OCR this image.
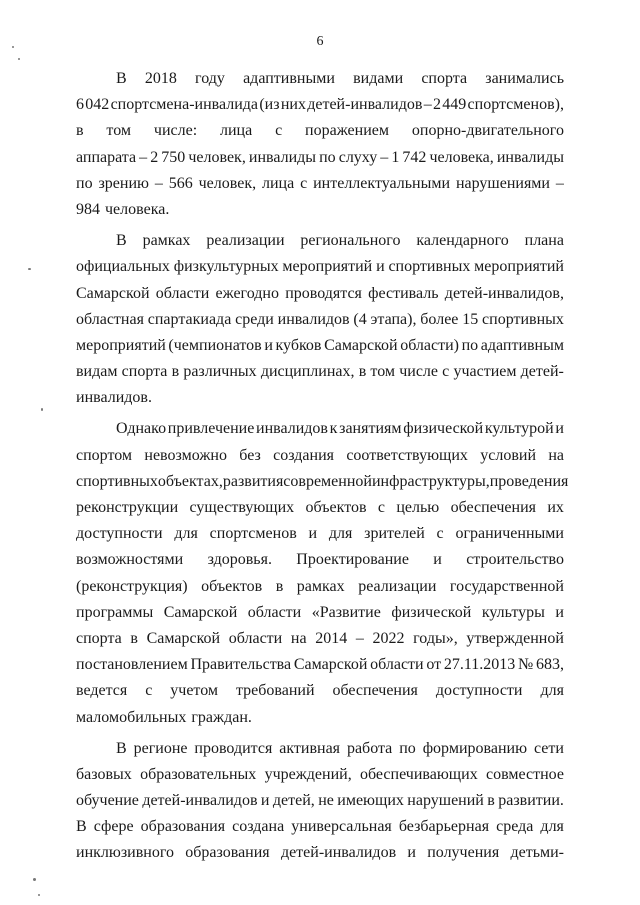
6
В 2018 году адаптивными видами спорта занимались
6 042 спортсмена-инвалида (из них детей-инвалидов – 2 449 спортсменов),
в том числе: лица с поражением опорно-двигательного
аппарата – 2 750 человек, инвалиды по слуху – 1 742 человека, инвалиды
по зрению – 566 человек, лица с интеллектуальными нарушениями –
984 человека.
В рамках реализации регионального календарного плана
официальных физкультурных мероприятий и спортивных мероприятий
Самарской области ежегодно проводятся фестиваль детей-инвалидов,
областная спартакиада среди инвалидов (4 этапа), более 15 спортивных
мероприятий (чемпионатов и кубков Самарской области) по адаптивным
видам спорта в различных дисциплинах, в том числе с участием детей-
инвалидов.
Однако привлечение инвалидов к занятиям физической культурой и
спортом невозможно без создания соответствующих условий на
спортивных объектах, развития современной инфраструктуры, проведения
реконструкции существующих объектов с целью обеспечения их
доступности для спортсменов и для зрителей с ограниченными
возможностями здоровья. Проектирование и строительство
(реконструкция) объектов в рамках реализации государственной
программы Самарской области «Развитие физической культуры и
спорта в Самарской области на 2014 – 2022 годы», утвержденной
постановлением Правительства Самарской области от 27.11.2013 № 683,
ведется с учетом требований обеспечения доступности для
маломобильных граждан.
В регионе проводится активная работа по формированию сети
базовых образовательных учреждений, обеспечивающих совместное
обучение детей-инвалидов и детей, не имеющих нарушений в развитии.
В сфере образования создана универсальная безбарьерная среда для
инклюзивного образования детей-инвалидов и получения детьми-
